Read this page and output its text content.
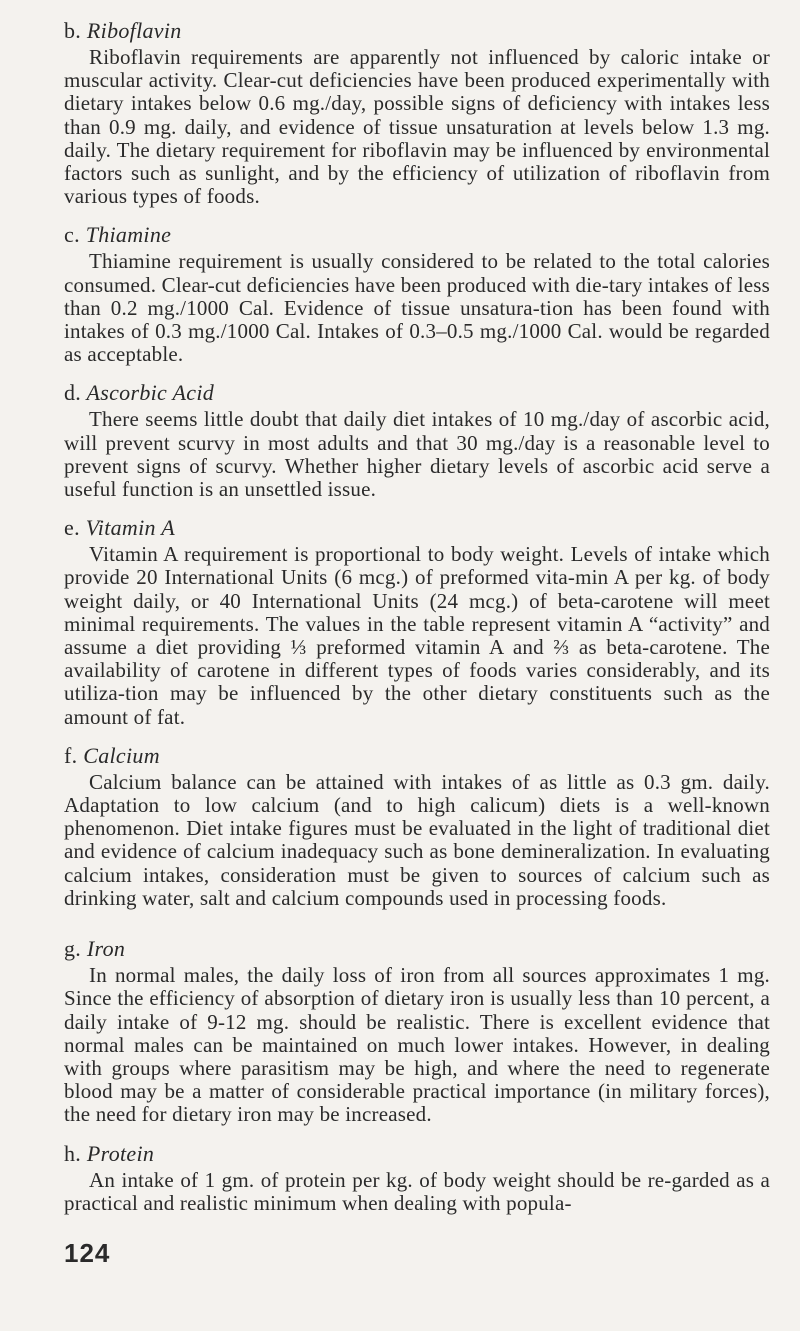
b. Riboflavin

Riboflavin requirements are apparently not influenced by caloric intake or muscular activity. Clear-cut deficiencies have been produced experimentally with dietary intakes below 0.6 mg./day, possible signs of deficiency with intakes less than 0.9 mg. daily, and evidence of tissue unsaturation at levels below 1.3 mg. daily. The dietary requirement for riboflavin may be influenced by environmental factors such as sunlight, and by the efficiency of utilization of riboflavin from various types of foods.

c. Thiamine

Thiamine requirement is usually considered to be related to the total calories consumed. Clear-cut deficiencies have been produced with die-tary intakes of less than 0.2 mg./1000 Cal. Evidence of tissue unsatura-tion has been found with intakes of 0.3 mg./1000 Cal. Intakes of 0.3–0.5 mg./1000 Cal. would be regarded as acceptable.

d. Ascorbic Acid

There seems little doubt that daily diet intakes of 10 mg./day of ascorbic acid, will prevent scurvy in most adults and that 30 mg./day is a reasonable level to prevent signs of scurvy. Whether higher dietary levels of ascorbic acid serve a useful function is an unsettled issue.

e. Vitamin A

Vitamin A requirement is proportional to body weight. Levels of intake which provide 20 International Units (6 mcg.) of preformed vita-min A per kg. of body weight daily, or 40 International Units (24 mcg.) of beta-carotene will meet minimal requirements. The values in the table represent vitamin A “activity” and assume a diet providing ⅓ preformed vitamin A and ⅔ as beta-carotene. The availability of carotene in different types of foods varies considerably, and its utiliza-tion may be influenced by the other dietary constituents such as the amount of fat.

f. Calcium

Calcium balance can be attained with intakes of as little as 0.3 gm. daily. Adaptation to low calcium (and to high calicum) diets is a well-known phenomenon. Diet intake figures must be evaluated in the light of traditional diet and evidence of calcium inadequacy such as bone demineralization. In evaluating calcium intakes, consideration must be given to sources of calcium such as drinking water, salt and calcium compounds used in processing foods.

g. Iron

In normal males, the daily loss of iron from all sources approximates 1 mg. Since the efficiency of absorption of dietary iron is usually less than 10 percent, a daily intake of 9-12 mg. should be realistic. There is excellent evidence that normal males can be maintained on much lower intakes. However, in dealing with groups where parasitism may be high, and where the need to regenerate blood may be a matter of considerable practical importance (in military forces), the need for dietary iron may be increased.

h. Protein

An intake of 1 gm. of protein per kg. of body weight should be re-garded as a practical and realistic minimum when dealing with popula-

124
